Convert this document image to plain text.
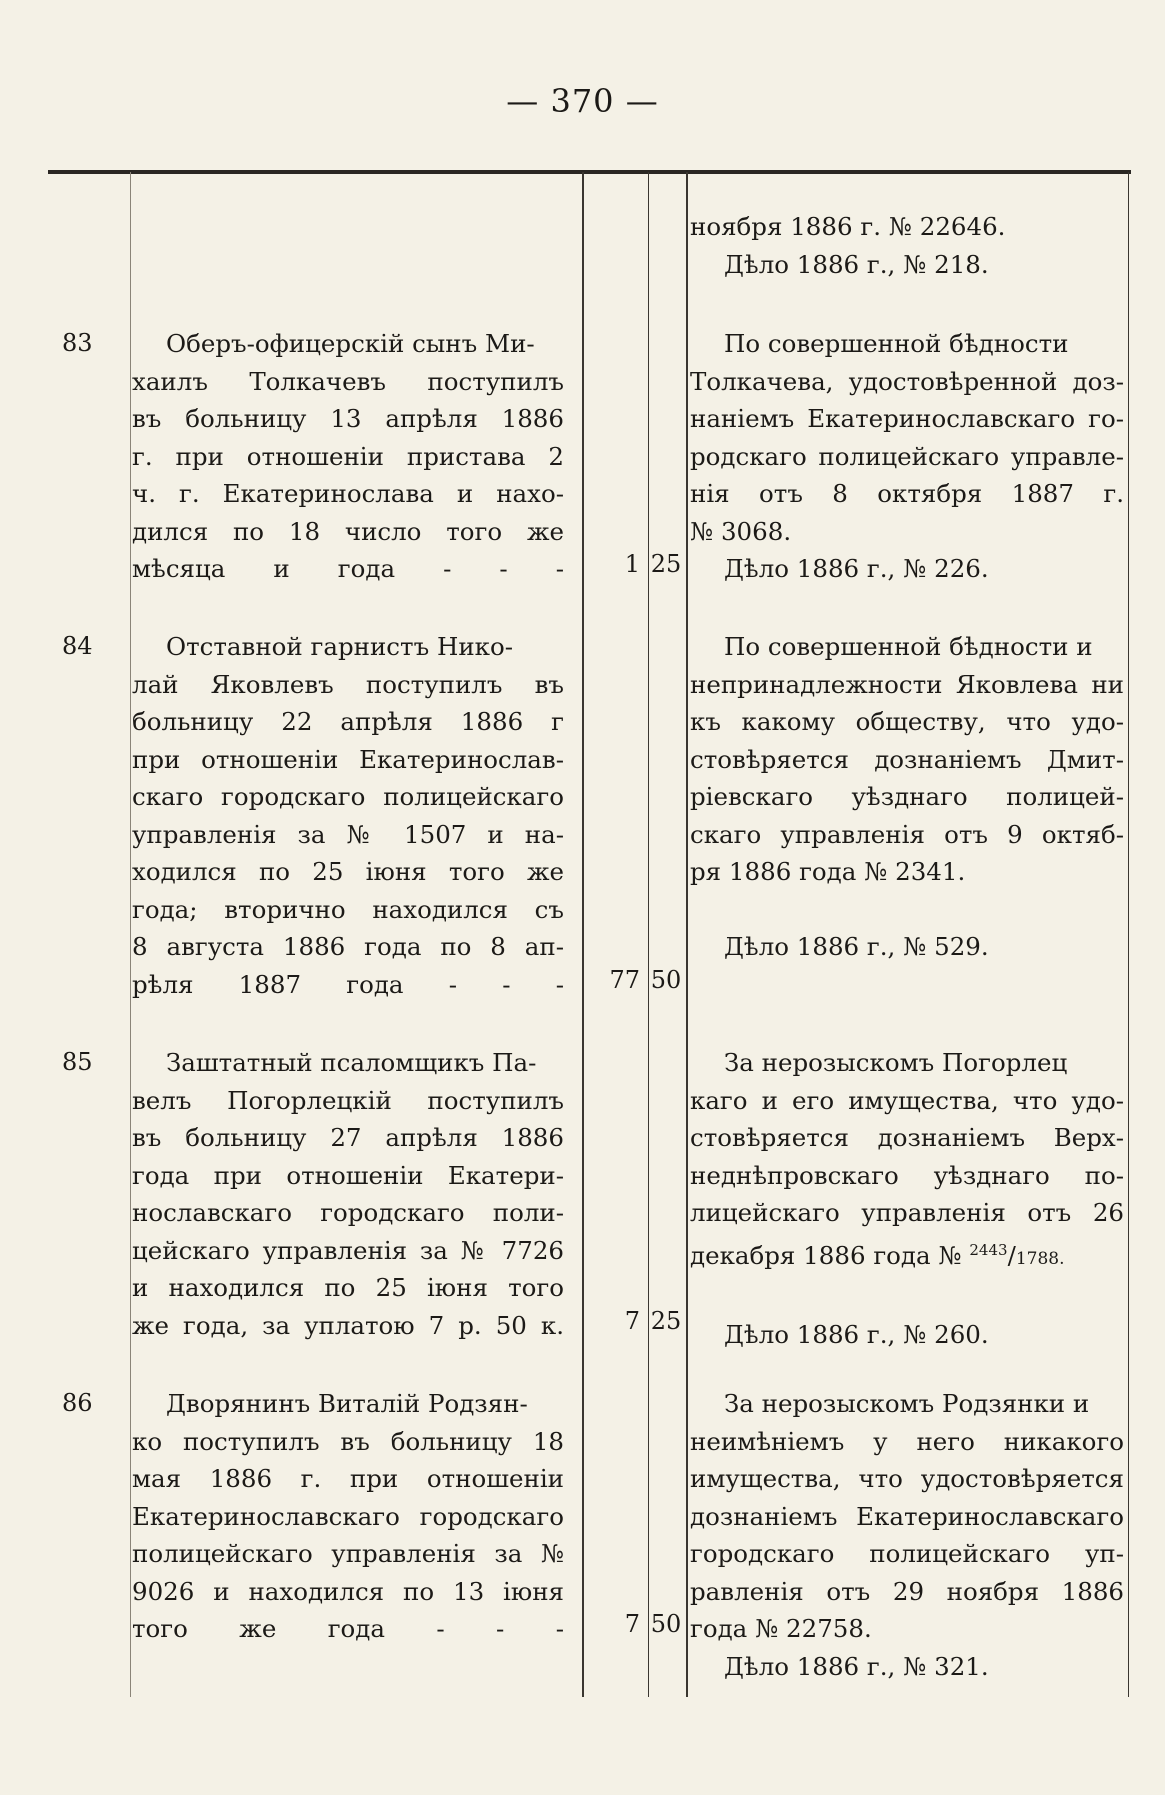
— 370 —
ноября 1886 г. № 22646.
Дѣло 1886 г., № 218.
83	Оберъ-офицерскій сынъ Ми-
хаилъ Толкачевъ поступилъ
въ больницу 13 апрѣля 1886
г. при отношеніи пристава 2
ч. г. Екатеринослава и нахо-
дился по 18 число того же
мѣсяца и года - - -	1 25
По совершенной бѣдности
Толкачева, удостовѣренной доз-
наніемъ Екатеринославскаго го-
родскаго полицейскаго управле-
нія отъ 8 октября 1887 г.
№ 3068.
Дѣло 1886 г., № 226.
84	Отставной гарнистъ Нико-
лай Яковлевъ поступилъ въ
больницу 22 апрѣля 1886 г
при отношеніи Екатеринослав-
скаго городскаго полицейскаго
управленія за № 1507 и на-
ходился по 25 іюня того же
года; вторично находился съ
8 августа 1886 года по 8 ап-
рѣля 1887 года - - -	77 50
По совершенной бѣдности и
непринадлежности Яковлева ни
къ какому обществу, что удо-
стовѣряется дознаніемъ Дмит-
ріевскаго уѣзднаго полицей-
скаго управленія отъ 9 октяб-
ря 1886 года № 2341.
Дѣло 1886 г., № 529.
85	Заштатный псаломщикъ Па-
велъ Погорлецкій поступилъ
въ больницу 27 апрѣля 1886
года при отношеніи Екатери-
нославскаго городскаго поли-
цейскаго управленія за № 7726
и находился по 25 іюня того
же года, за уплатою 7 р. 50 к.	7 25
За нерозыскомъ Погорлец
каго и его имущества, что удо-
стовѣряется дознаніемъ Верх-
неднѣпровскаго уѣзднаго по-
лицейскаго управленія отъ 26
декабря 1886 года № $^{2443}$/1788.
Дѣло 1886 г., № 260.
86	Дворянинъ Виталій Родзян-
ко поступилъ въ больницу 18
мая 1886 г. при отношеніи
Екатеринославскаго городскаго
полицейскаго управленія за №
9026 и находился по 13 іюня
того же года - - -	7 50
За нерозыскомъ Родзянки и
неимѣніемъ у него никакого
имущества, что удостовѣряется
дознаніемъ Екатеринославскаго
городскаго полицейскаго уп-
равленія отъ 29 ноября 1886
года № 22758.
Дѣло 1886 г., № 321.
